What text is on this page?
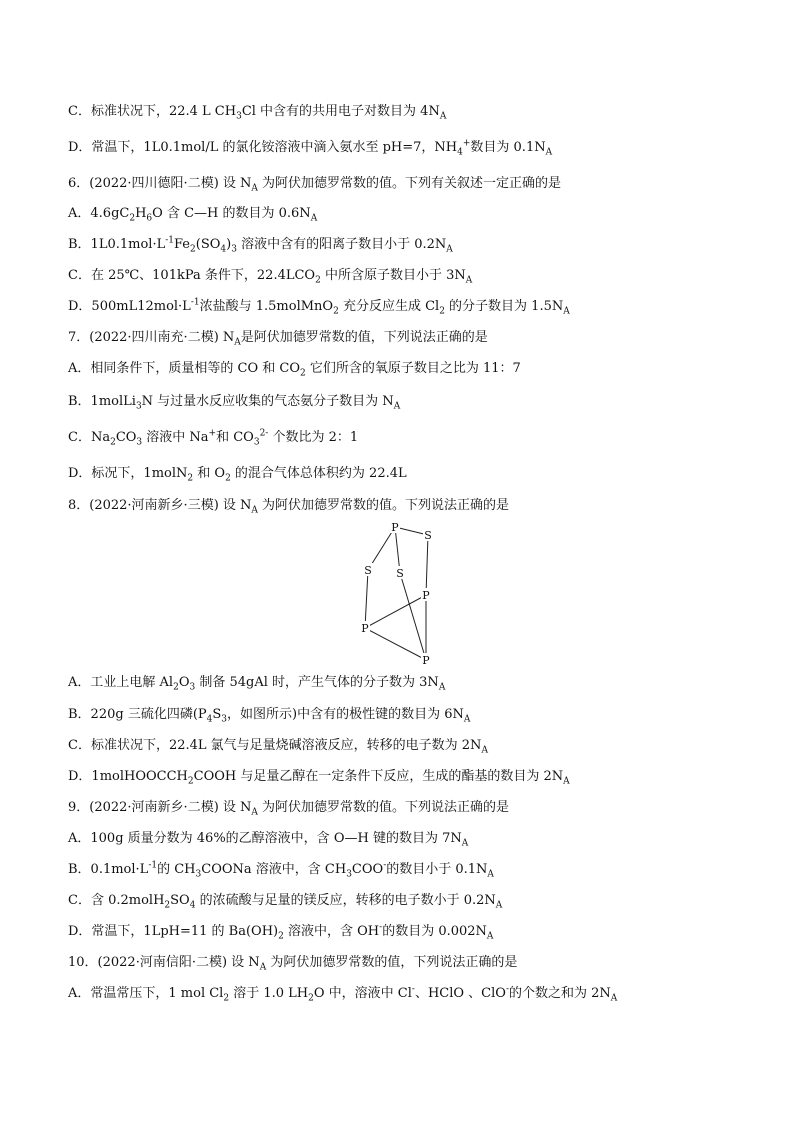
C．标准状况下，22.4 L $CH_3Cl$ 中含有的共用电子对数目为 $4N_A$
D．常温下，1L0.1mol/L 的氯化铵溶液中滴入氨水至 pH=7，$NH_4^+$数目为 $0.1N_A$
6．(2022·四川德阳·二模) 设 $N_A$ 为阿伏加德罗常数的值。下列有关叙述一定正确的是
A．$4.6gC_2H_6O$ 含 C—H 的数目为 $0.6N_A$
B．$1L0.1mol\cdot L^{-1}Fe_2(SO_4)_3$ 溶液中含有的阳离子数目小于 $0.2N_A$
C．在 25℃、101kPa 条件下，$22.4LCO_2$ 中所含原子数目小于 $3N_A$
D．$500mL12mol\cdot L^{-1}$浓盐酸与 1.5molMnO$_2$ 充分反应生成 $Cl_2$ 的分子数目为 $1.5N_A$
7．(2022·四川南充·二模) $N_A$是阿伏加德罗常数的值，下列说法正确的是
A．相同条件下，质量相等的 CO 和 $CO_2$ 它们所含的氧原子数目之比为 11：7
B．1molLi$_3$N 与过量水反应收集的气态氨分子数目为 $N_A$
C．$Na_2CO_3$ 溶液中 Na+和 $CO_3^{2-}$ 个数比为 2：1
D．标况下，1molN$_2$ 和 $O_2$ 的混合气体总体积约为 22.4L
8．(2022·河南新乡·三模) 设 $N_A$ 为阿伏加德罗常数的值。下列说法正确的是
A．工业上电解 $Al_2O_3$ 制备 54gAl 时，产生气体的分子数为 $3N_A$
B．220g 三硫化四磷($P_4S_3$，如图所示)中含有的极性键的数目为 $6N_A$
C．标准状况下，22.4L 氯气与足量烧碱溶液反应，转移的电子数为 $2N_A$
D．1molHOOCCH$_2$COOH 与足量乙醇在一定条件下反应，生成的酯基的数目为 $2N_A$
9．(2022·河南新乡·二模) 设 $N_A$ 为阿伏加德罗常数的值。下列说法正确的是
A．100g 质量分数为 46%的乙醇溶液中，含 O—H 键的数目为 $7N_A$
B．$0.1mol\cdot L^{-1}$的 $CH_3COONa$ 溶液中，含 $CH_3COO^-$的数目小于 $0.1N_A$
C．含 $0.2molH_2SO_4$ 的浓硫酸与足量的镁反应，转移的电子数小于 $0.2N_A$
D．常温下，1LpH=11 的 $Ba(OH)_2$ 溶液中，含 OH-的数目为 $0.002N_A$
10．(2022·河南信阳·二模) 设 $N_A$ 为阿伏加德罗常数的值，下列说法正确的是
A．常温常压下，1 mol $Cl_2$ 溶于 1.0 $LH_2O$ 中，溶液中 Cl-、HClO 、ClO-的个数之和为 $2N_A$
P
S
S S
P
P
P
